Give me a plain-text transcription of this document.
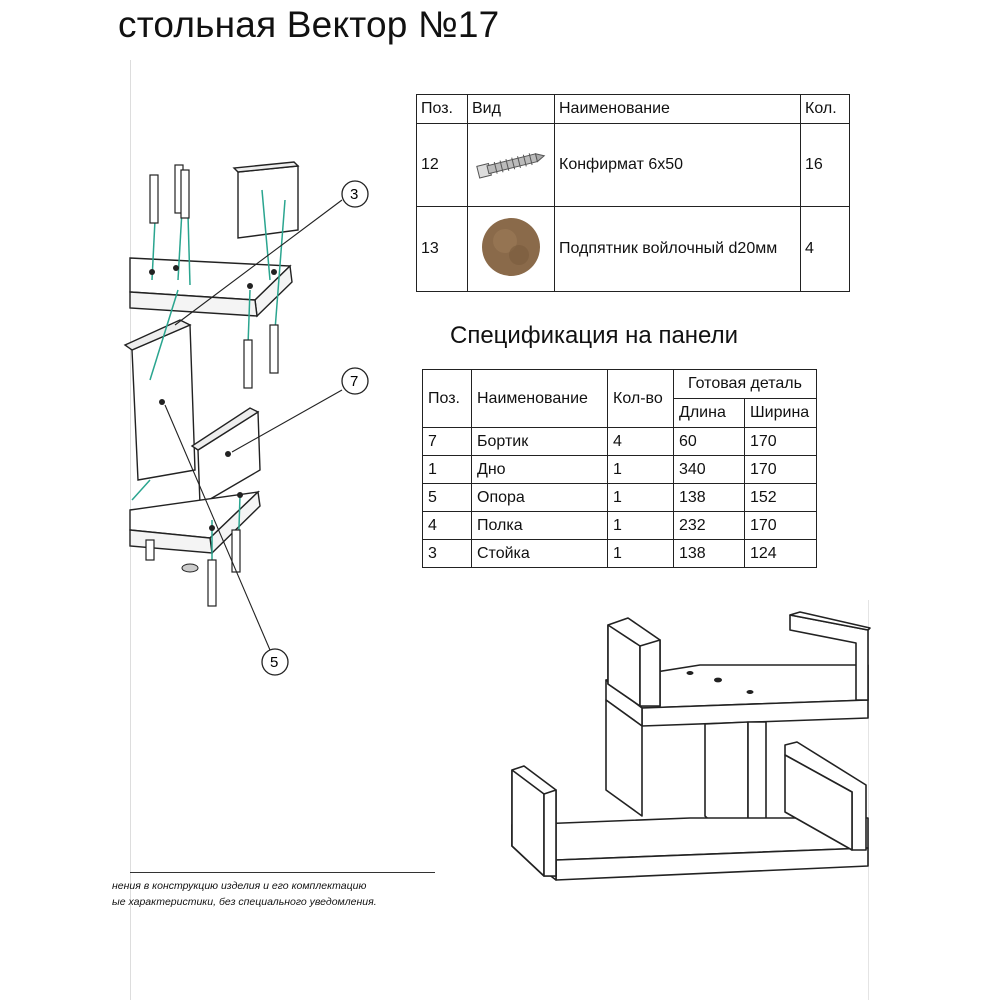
стольная Вектор №17
3
7
5
Поз.	Вид	Наименование	Кол.
12		Конфирмат 6х50	16
13		Подпятник войлочный d20мм	4
Спецификация на панели
Поз.	Наименование	Кол-во	Готовая деталь	
			Длина	Ширина
7	Бортик	4	60	170
1	Дно	1	340	170
5	Опора	1	138	152
4	Полка	1	232	170
3	Стойка	1	138	124
нения в конструкцию изделия и его комплектацию
ые характеристики, без специального уведомления.
